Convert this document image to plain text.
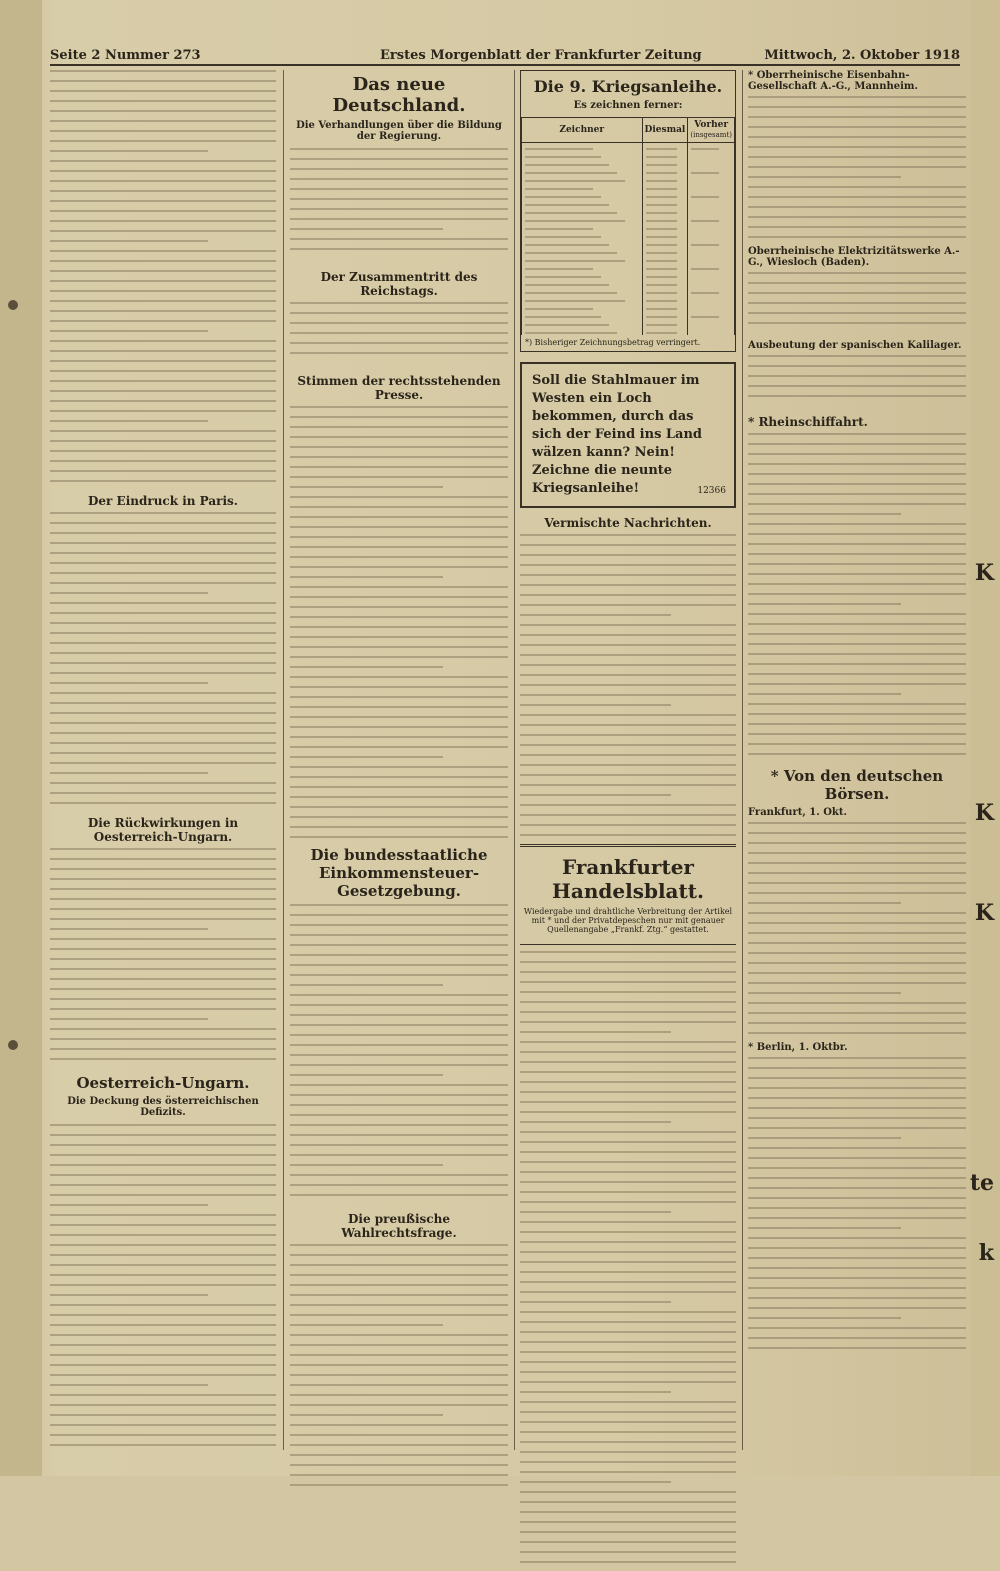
Seite 2 Nummer 273	Erstes Morgenblatt der Frankfurter Zeitung	Mittwoch, 2. Oktober 1918
Der Eindruck in Paris.
Die Rückwirkungen in Oesterreich-Ungarn.
Oesterreich-Ungarn.
Die Deckung des österreichischen Defizits.
Das neue Deutschland.
Die Verhandlungen über die Bildung der Regierung.
Der Zusammentritt des Reichstags.
Stimmen der rechtsstehenden Presse.
Die bundesstaatliche
Einkommensteuer-Gesetzgebung.
Die preußische Wahlrechtsfrage.
Die 9. Kriegsanleihe.
Es zeichnen ferner:
Zeichner	Diesmal	Vorher
(insgesamt)

*) Bisheriger Zeichnungsbetrag verringert.

Soll die Stahlmauer im Westen ein Loch bekommen, durch das sich der Feind ins Land wälzen kann? Nein! Zeichne die neunte Kriegsanleihe!	12366
Vermischte Nachrichten.
Frankfurter Handelsblatt.
Wiedergabe und drahtliche Verbreitung der Artikel mit * und der Privatdepeschen nur mit genauer Quellenangabe „Frankf. Ztg.“ gestattet.
* Oberrheinische Eisenbahn-Gesellschaft A.-G., Mannheim.
Oberrheinische Elektrizitätswerke A.-G., Wiesloch (Baden).
Ausbeutung der spanischen Kalilager.
* Rheinschiffahrt.
* Von den deutschen Börsen.
Frankfurt, 1. Okt.
* Berlin, 1. Oktbr.
K
K
K
te
k
